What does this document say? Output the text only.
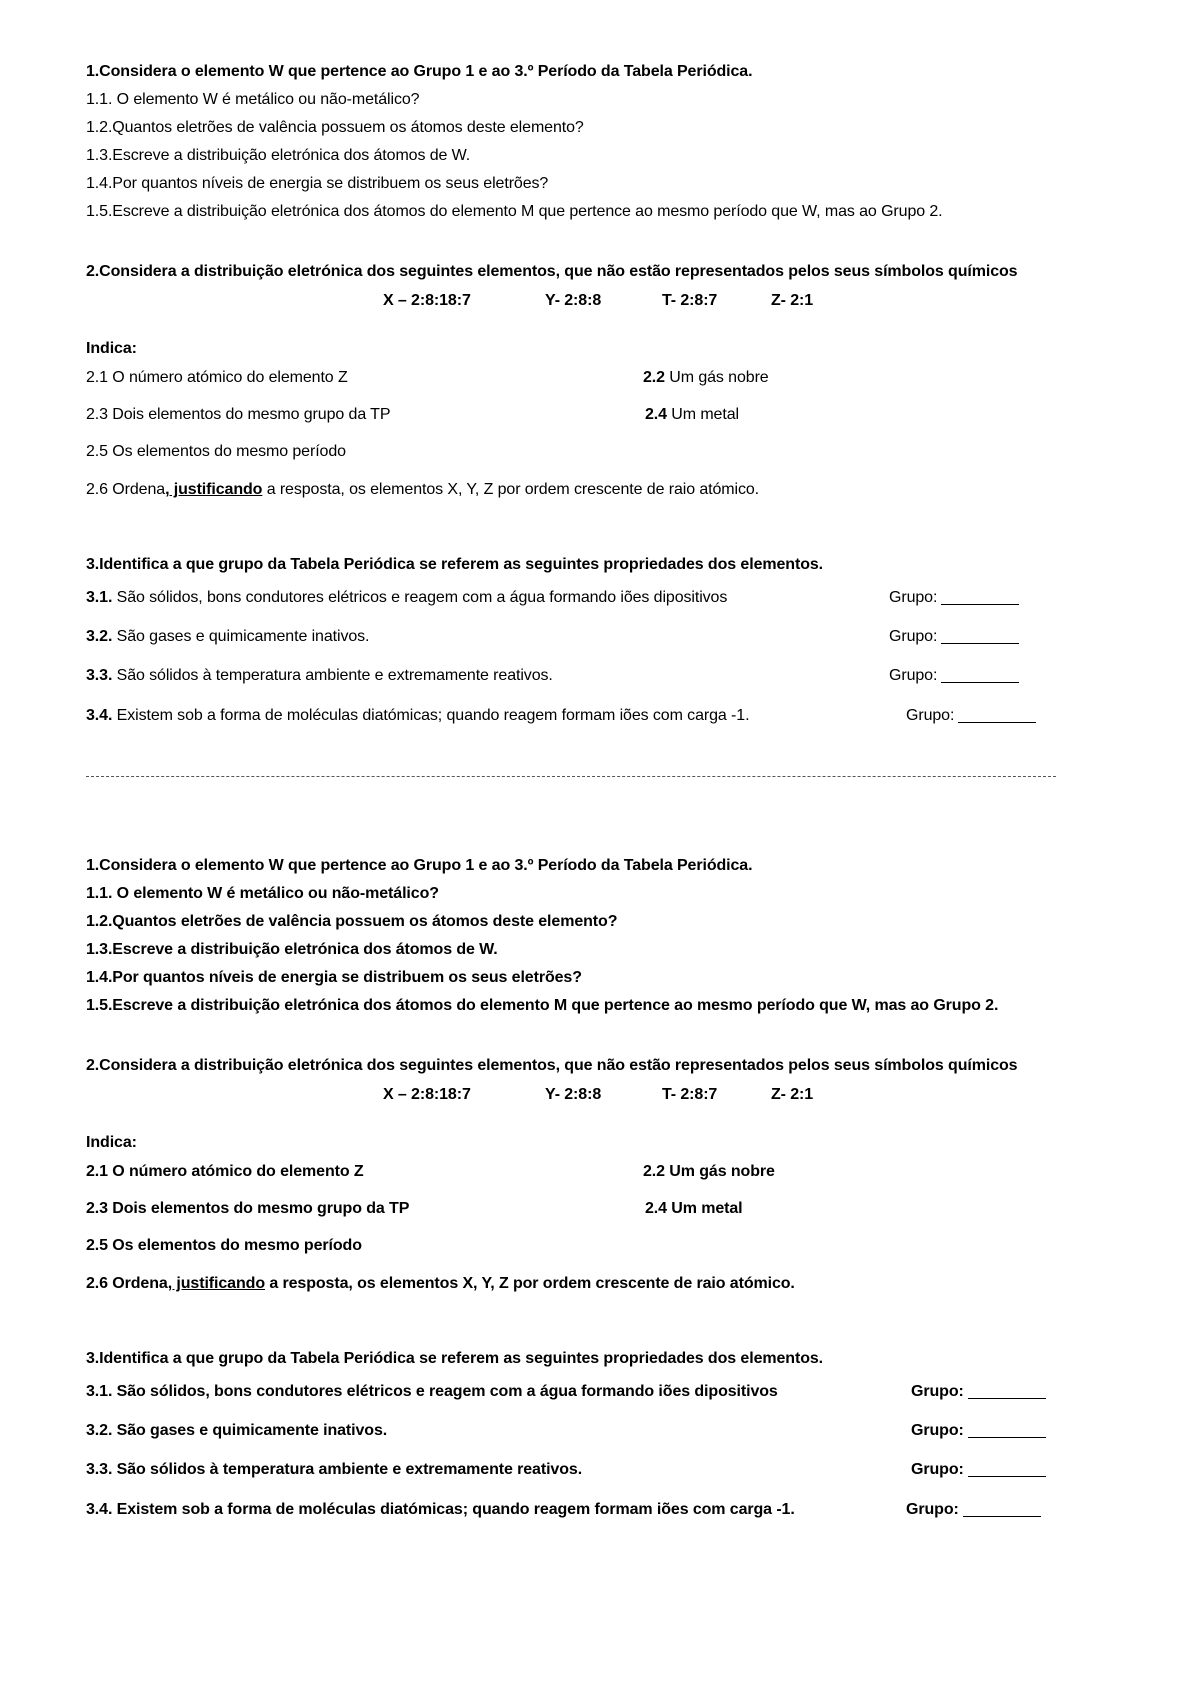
1.Considera o elemento W que pertence ao Grupo 1 e ao 3.º Período da Tabela Periódica.
1.1. O elemento W é metálico ou não-metálico?
1.2.Quantos eletrões de valência possuem os átomos deste elemento?
1.3.Escreve a distribuição eletrónica dos átomos de W.
1.4.Por quantos níveis de energia se distribuem os seus eletrões?
1.5.Escreve a distribuição eletrónica dos átomos do elemento M que pertence ao mesmo período que W, mas ao Grupo 2.
2.Considera a distribuição eletrónica dos seguintes elementos, que não estão representados pelos seus símbolos químicos
X – 2:8:18:7	Y- 2:8:8	T- 2:8:7	Z- 2:1
Indica:
2.1 O número atómico do elemento Z	2.2 Um gás nobre
2.3 Dois elementos do mesmo grupo da TP	2.4 Um metal
2.5 Os elementos do mesmo período
2.6 Ordena, justificando a resposta, os elementos X, Y, Z por ordem crescente de raio atómico.
3.Identifica a que grupo da Tabela Periódica se referem as seguintes propriedades dos elementos.
3.1. São sólidos, bons condutores elétricos e reagem com a água formando iões dipositivos	Grupo:
3.2. São gases e quimicamente inativos.	Grupo:
3.3. São sólidos à temperatura ambiente e extremamente reativos.	Grupo:
3.4. Existem sob a forma de moléculas diatómicas; quando reagem formam iões com carga -1.	Grupo:
1.Considera o elemento W que pertence ao Grupo 1 e ao 3.º Período da Tabela Periódica.
1.1. O elemento W é metálico ou não-metálico?
1.2.Quantos eletrões de valência possuem os átomos deste elemento?
1.3.Escreve a distribuição eletrónica dos átomos de W.
1.4.Por quantos níveis de energia se distribuem os seus eletrões?
1.5.Escreve a distribuição eletrónica dos átomos do elemento M que pertence ao mesmo período que W, mas ao Grupo 2.
2.Considera a distribuição eletrónica dos seguintes elementos, que não estão representados pelos seus símbolos químicos
X – 2:8:18:7	Y- 2:8:8	T- 2:8:7	Z- 2:1
Indica:
2.1 O número atómico do elemento Z	2.2 Um gás nobre
2.3 Dois elementos do mesmo grupo da TP	2.4 Um metal
2.5 Os elementos do mesmo período
2.6 Ordena, justificando a resposta, os elementos X, Y, Z por ordem crescente de raio atómico.
3.Identifica a que grupo da Tabela Periódica se referem as seguintes propriedades dos elementos.
3.1. São sólidos, bons condutores elétricos e reagem com a água formando iões dipositivos	Grupo:
3.2. São gases e quimicamente inativos.	Grupo:
3.3. São sólidos à temperatura ambiente e extremamente reativos.	Grupo:
3.4. Existem sob a forma de moléculas diatómicas; quando reagem formam iões com carga -1.	Grupo:
